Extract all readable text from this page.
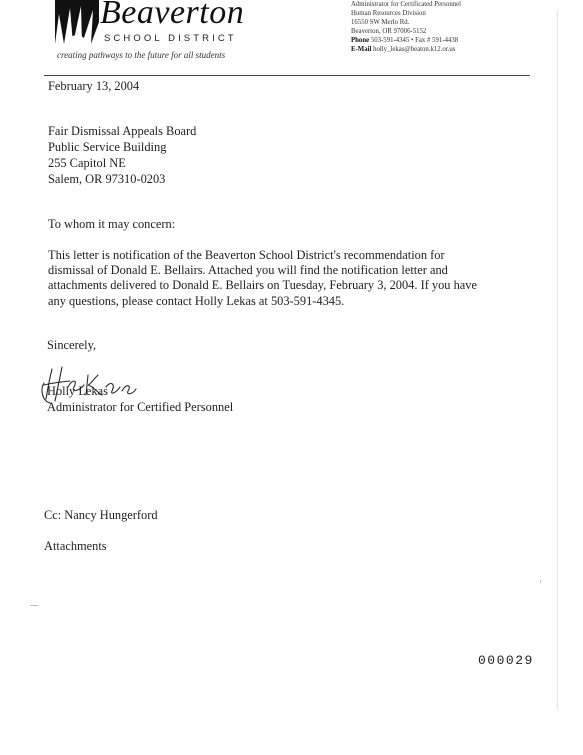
Beaverton
SCHOOL DISTRICT
creating pathways to the future for all students
Administrator for Certificated Personnel
Human Resources Division
16550 SW Merlo Rd.
Beaverton, OR 97006-5152
Phone 503-591-4345 • Fax # 591-4438
E-Mail holly_lekas@beaton.k12.or.us
February 13, 2004
Fair Dismissal Appeals Board
Public Service Building
255 Capitol NE
Salem, OR 97310-0203
To whom it may concern:
This letter is notification of the Beaverton School District's recommendation for
dismissal of Donald E. Bellairs. Attached you will find the notification letter and
attachments delivered to Donald E. Bellairs on Tuesday, February 3, 2004. If you have
any questions, please contact Holly Lekas at 503-591-4345.
Sincerely,
Holly Lekas
Administrator for Certified Personnel
Cc: Nancy Hungerford
Attachments
000029
